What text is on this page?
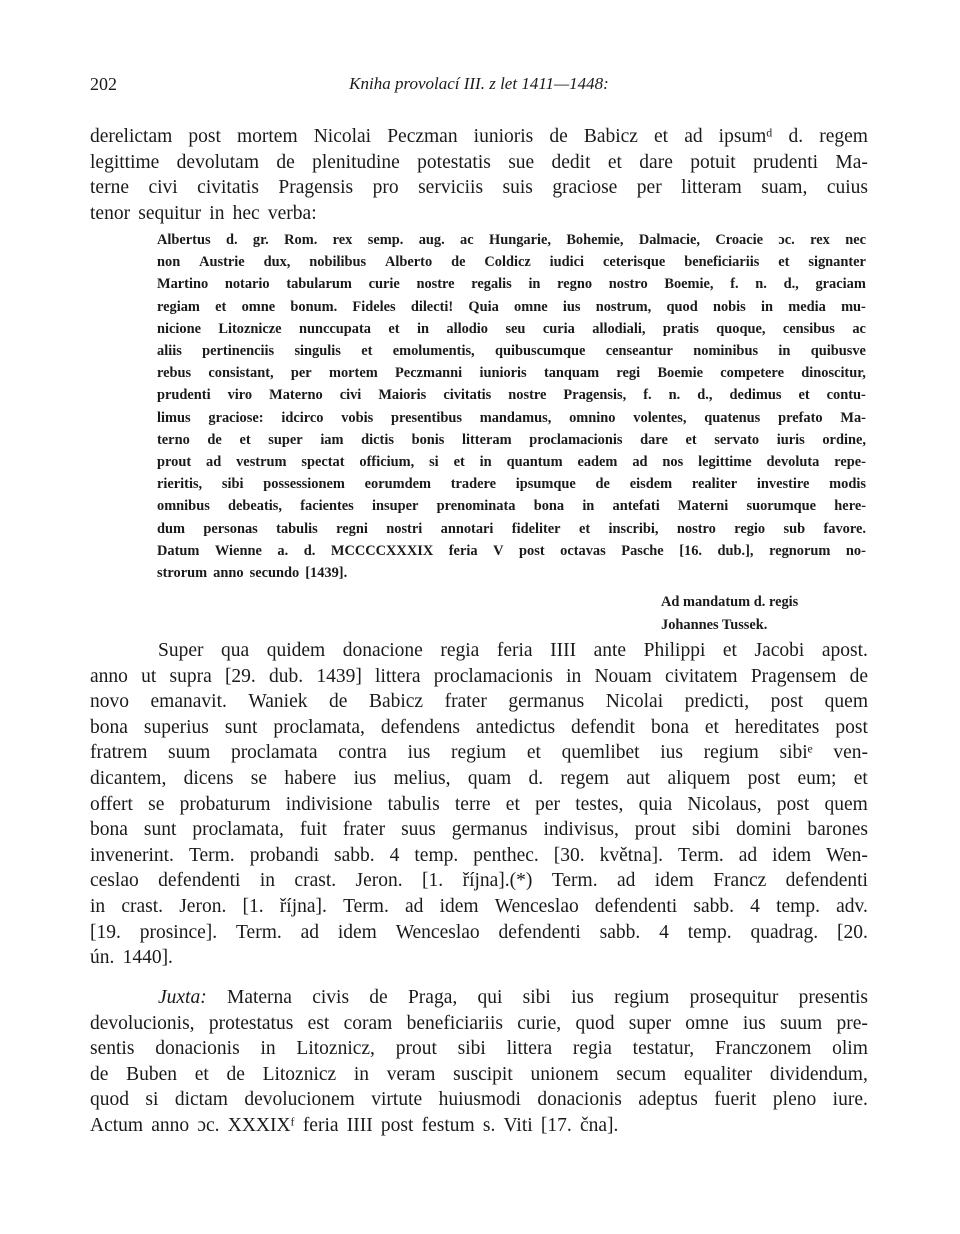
202	Kniha provolací III. z let 1411—1448:
derelictam post mortem Nicolai Peczman iunioris de Babicz et ad ipsumᵈ d. regem
legittime devolutam de plenitudine potestatis sue dedit et dare potuit prudenti Ma-
terne civi civitatis Pragensis pro serviciis suis graciose per litteram suam, cuius
tenor sequitur in hec verba:
Albertus d. gr. Rom. rex semp. aug. ac Hungarie, Bohemie, Dalmacie, Croacie ɔc. rex nec
non Austrie dux, nobilibus Alberto de Coldicz iudici ceterisque beneficiariis et signanter
Martino notario tabularum curie nostre regalis in regno nostro Boemie, f. n. d., graciam
regiam et omne bonum. Fideles dilecti! Quia omne ius nostrum, quod nobis in media mu-
nicione Litoznicze nunccupata et in allodio seu curia allodiali, pratis quoque, censibus ac
aliis pertinenciis singulis et emolumentis, quibuscumque censeantur nominibus in quibusve
rebus consistant, per mortem Peczmanni iunioris tanquam regi Boemie competere dinoscitur,
prudenti viro Materno civi Maioris civitatis nostre Pragensis, f. n. d., dedimus et contu-
limus graciose: idcirco vobis presentibus mandamus, omnino volentes, quatenus prefato Ma-
terno de et super iam dictis bonis litteram proclamacionis dare et servato iuris ordine,
prout ad vestrum spectat officium, si et in quantum eadem ad nos legittime devoluta repe-
rieritis, sibi possessionem eorumdem tradere ipsumque de eisdem realiter investire modis
omnibus debeatis, facientes insuper prenominata bona in antefati Materni suorumque here-
dum personas tabulis regni nostri annotari fideliter et inscribi, nostro regio sub favore.
Datum Wienne a. d. MCCCCXXXIX feria V post octavas Pasche [16. dub.], regnorum no-
strorum anno secundo [1439].
Ad mandatum d. regis
Johannes Tussek.
Super qua quidem donacione regia feria IIII ante Philippi et Jacobi apost.
anno ut supra [29. dub. 1439] littera proclamacionis in Nouam civitatem Pragensem de
novo emanavit. Waniek de Babicz frater germanus Nicolai predicti, post quem
bona superius sunt proclamata, defendens antedictus defendit bona et hereditates post
fratrem suum proclamata contra ius regium et quemlibet ius regium sibiᵉ ven-
dicantem, dicens se habere ius melius, quam d. regem aut aliquem post eum; et
offert se probaturum indivisione tabulis terre et per testes, quia Nicolaus, post quem
bona sunt proclamata, fuit frater suus germanus indivisus, prout sibi domini barones
invenerint. Term. probandi sabb. 4 temp. penthec. [30. května]. Term. ad idem Wen-
ceslao defendenti in crast. Jeron. [1. října].(*) Term. ad idem Francz defendenti
in crast. Jeron. [1. října]. Term. ad idem Wenceslao defendenti sabb. 4 temp. adv.
[19. prosince]. Term. ad idem Wenceslao defendenti sabb. 4 temp. quadrag. [20.
ún. 1440].
Juxta: Materna civis de Praga, qui sibi ius regium prosequitur presentis
devolucionis, protestatus est coram beneficiariis curie, quod super omne ius suum pre-
sentis donacionis in Litoznicz, prout sibi littera regia testatur, Franczonem olim
de Buben et de Litoznicz in veram suscipit unionem secum equaliter dividendum,
quod si dictam devolucionem virtute huiusmodi donacionis adeptus fuerit pleno iure.
Actum anno ɔc. XXXIXᶠ feria IIII post festum s. Viti [17. čna].
